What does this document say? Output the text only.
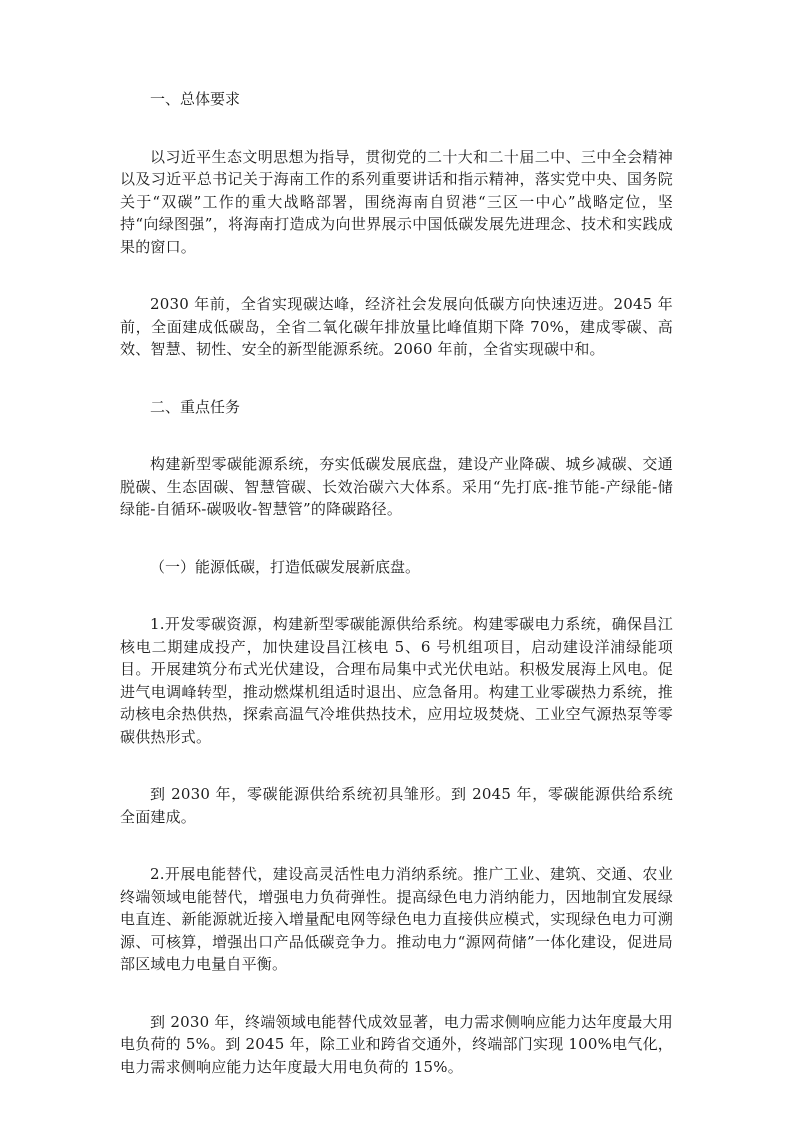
一、总体要求

以习近平生态文明思想为指导，贯彻党的二十大和二十届二中、三中全会精神以及习近平总书记关于海南工作的系列重要讲话和指示精神，落实党中央、国务院关于“双碳”工作的重大战略部署，围绕海南自贸港“三区一中心”战略定位，坚持“向绿图强”，将海南打造成为向世界展示中国低碳发展先进理念、技术和实践成果的窗口。

2030 年前，全省实现碳达峰，经济社会发展向低碳方向快速迈进。2045 年前，全面建成低碳岛，全省二氧化碳年排放量比峰值期下降 70%，建成零碳、高效、智慧、韧性、安全的新型能源系统。2060 年前，全省实现碳中和。

二、重点任务

构建新型零碳能源系统，夯实低碳发展底盘，建设产业降碳、城乡减碳、交通脱碳、生态固碳、智慧管碳、长效治碳六大体系。采用“先打底-推节能-产绿能-储绿能-自循环-碳吸收-智慧管”的降碳路径。

（一）能源低碳，打造低碳发展新底盘。

1.开发零碳资源，构建新型零碳能源供给系统。构建零碳电力系统，确保昌江核电二期建成投产，加快建设昌江核电 5、6 号机组项目，启动建设洋浦绿能项目。开展建筑分布式光伏建设，合理布局集中式光伏电站。积极发展海上风电。促进气电调峰转型，推动燃煤机组适时退出、应急备用。构建工业零碳热力系统，推动核电余热供热，探索高温气冷堆供热技术，应用垃圾焚烧、工业空气源热泵等零碳供热形式。

到 2030 年，零碳能源供给系统初具雏形。到 2045 年，零碳能源供给系统全面建成。

2.开展电能替代，建设高灵活性电力消纳系统。推广工业、建筑、交通、农业终端领域电能替代，增强电力负荷弹性。提高绿色电力消纳能力，因地制宜发展绿电直连、新能源就近接入增量配电网等绿色电力直接供应模式，实现绿色电力可溯源、可核算，增强出口产品低碳竞争力。推动电力“源网荷储”一体化建设，促进局部区域电力电量自平衡。

到 2030 年，终端领域电能替代成效显著，电力需求侧响应能力达年度最大用电负荷的 5%。到 2045 年，除工业和跨省交通外，终端部门实现 100%电气化，电力需求侧响应能力达年度最大用电负荷的 15%。
